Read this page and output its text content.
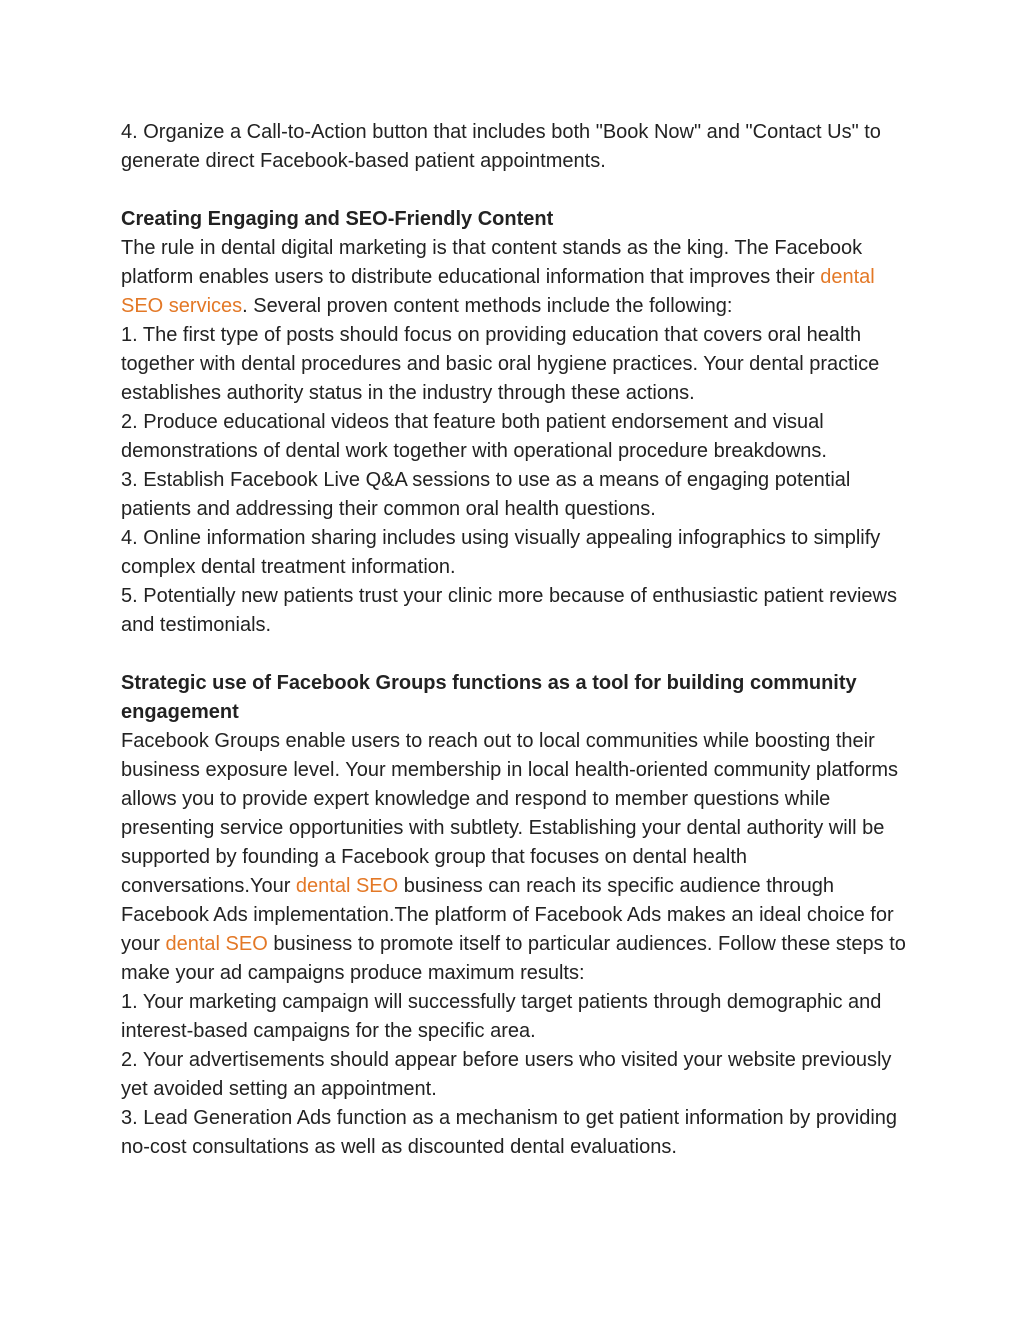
4. Organize a Call-to-Action button that includes both "Book Now" and "Contact Us" to generate direct Facebook-based patient appointments.

Creating Engaging and SEO-Friendly Content

The rule in dental digital marketing is that content stands as the king. The Facebook platform enables users to distribute educational information that improves their dental SEO services. Several proven content methods include the following:

1. The first type of posts should focus on providing education that covers oral health together with dental procedures and basic oral hygiene practices. Your dental practice establishes authority status in the industry through these actions.

2. Produce educational videos that feature both patient endorsement and visual demonstrations of dental work together with operational procedure breakdowns.

3. Establish Facebook Live Q&A sessions to use as a means of engaging potential patients and addressing their common oral health questions.

4. Online information sharing includes using visually appealing infographics to simplify complex dental treatment information.

5. Potentially new patients trust your clinic more because of enthusiastic patient reviews and testimonials.

Strategic use of Facebook Groups functions as a tool for building community engagement

Facebook Groups enable users to reach out to local communities while boosting their business exposure level. Your membership in local health-oriented community platforms allows you to provide expert knowledge and respond to member questions while presenting service opportunities with subtlety. Establishing your dental authority will be supported by founding a Facebook group that focuses on dental health conversations.Your dental SEO business can reach its specific audience through Facebook Ads implementation.The platform of Facebook Ads makes an ideal choice for your dental SEO business to promote itself to particular audiences. Follow these steps to make your ad campaigns produce maximum results:

1. Your marketing campaign will successfully target patients through demographic and interest-based campaigns for the specific area.

2. Your advertisements should appear before users who visited your website previously yet avoided setting an appointment.

3. Lead Generation Ads function as a mechanism to get patient information by providing no-cost consultations as well as discounted dental evaluations.
